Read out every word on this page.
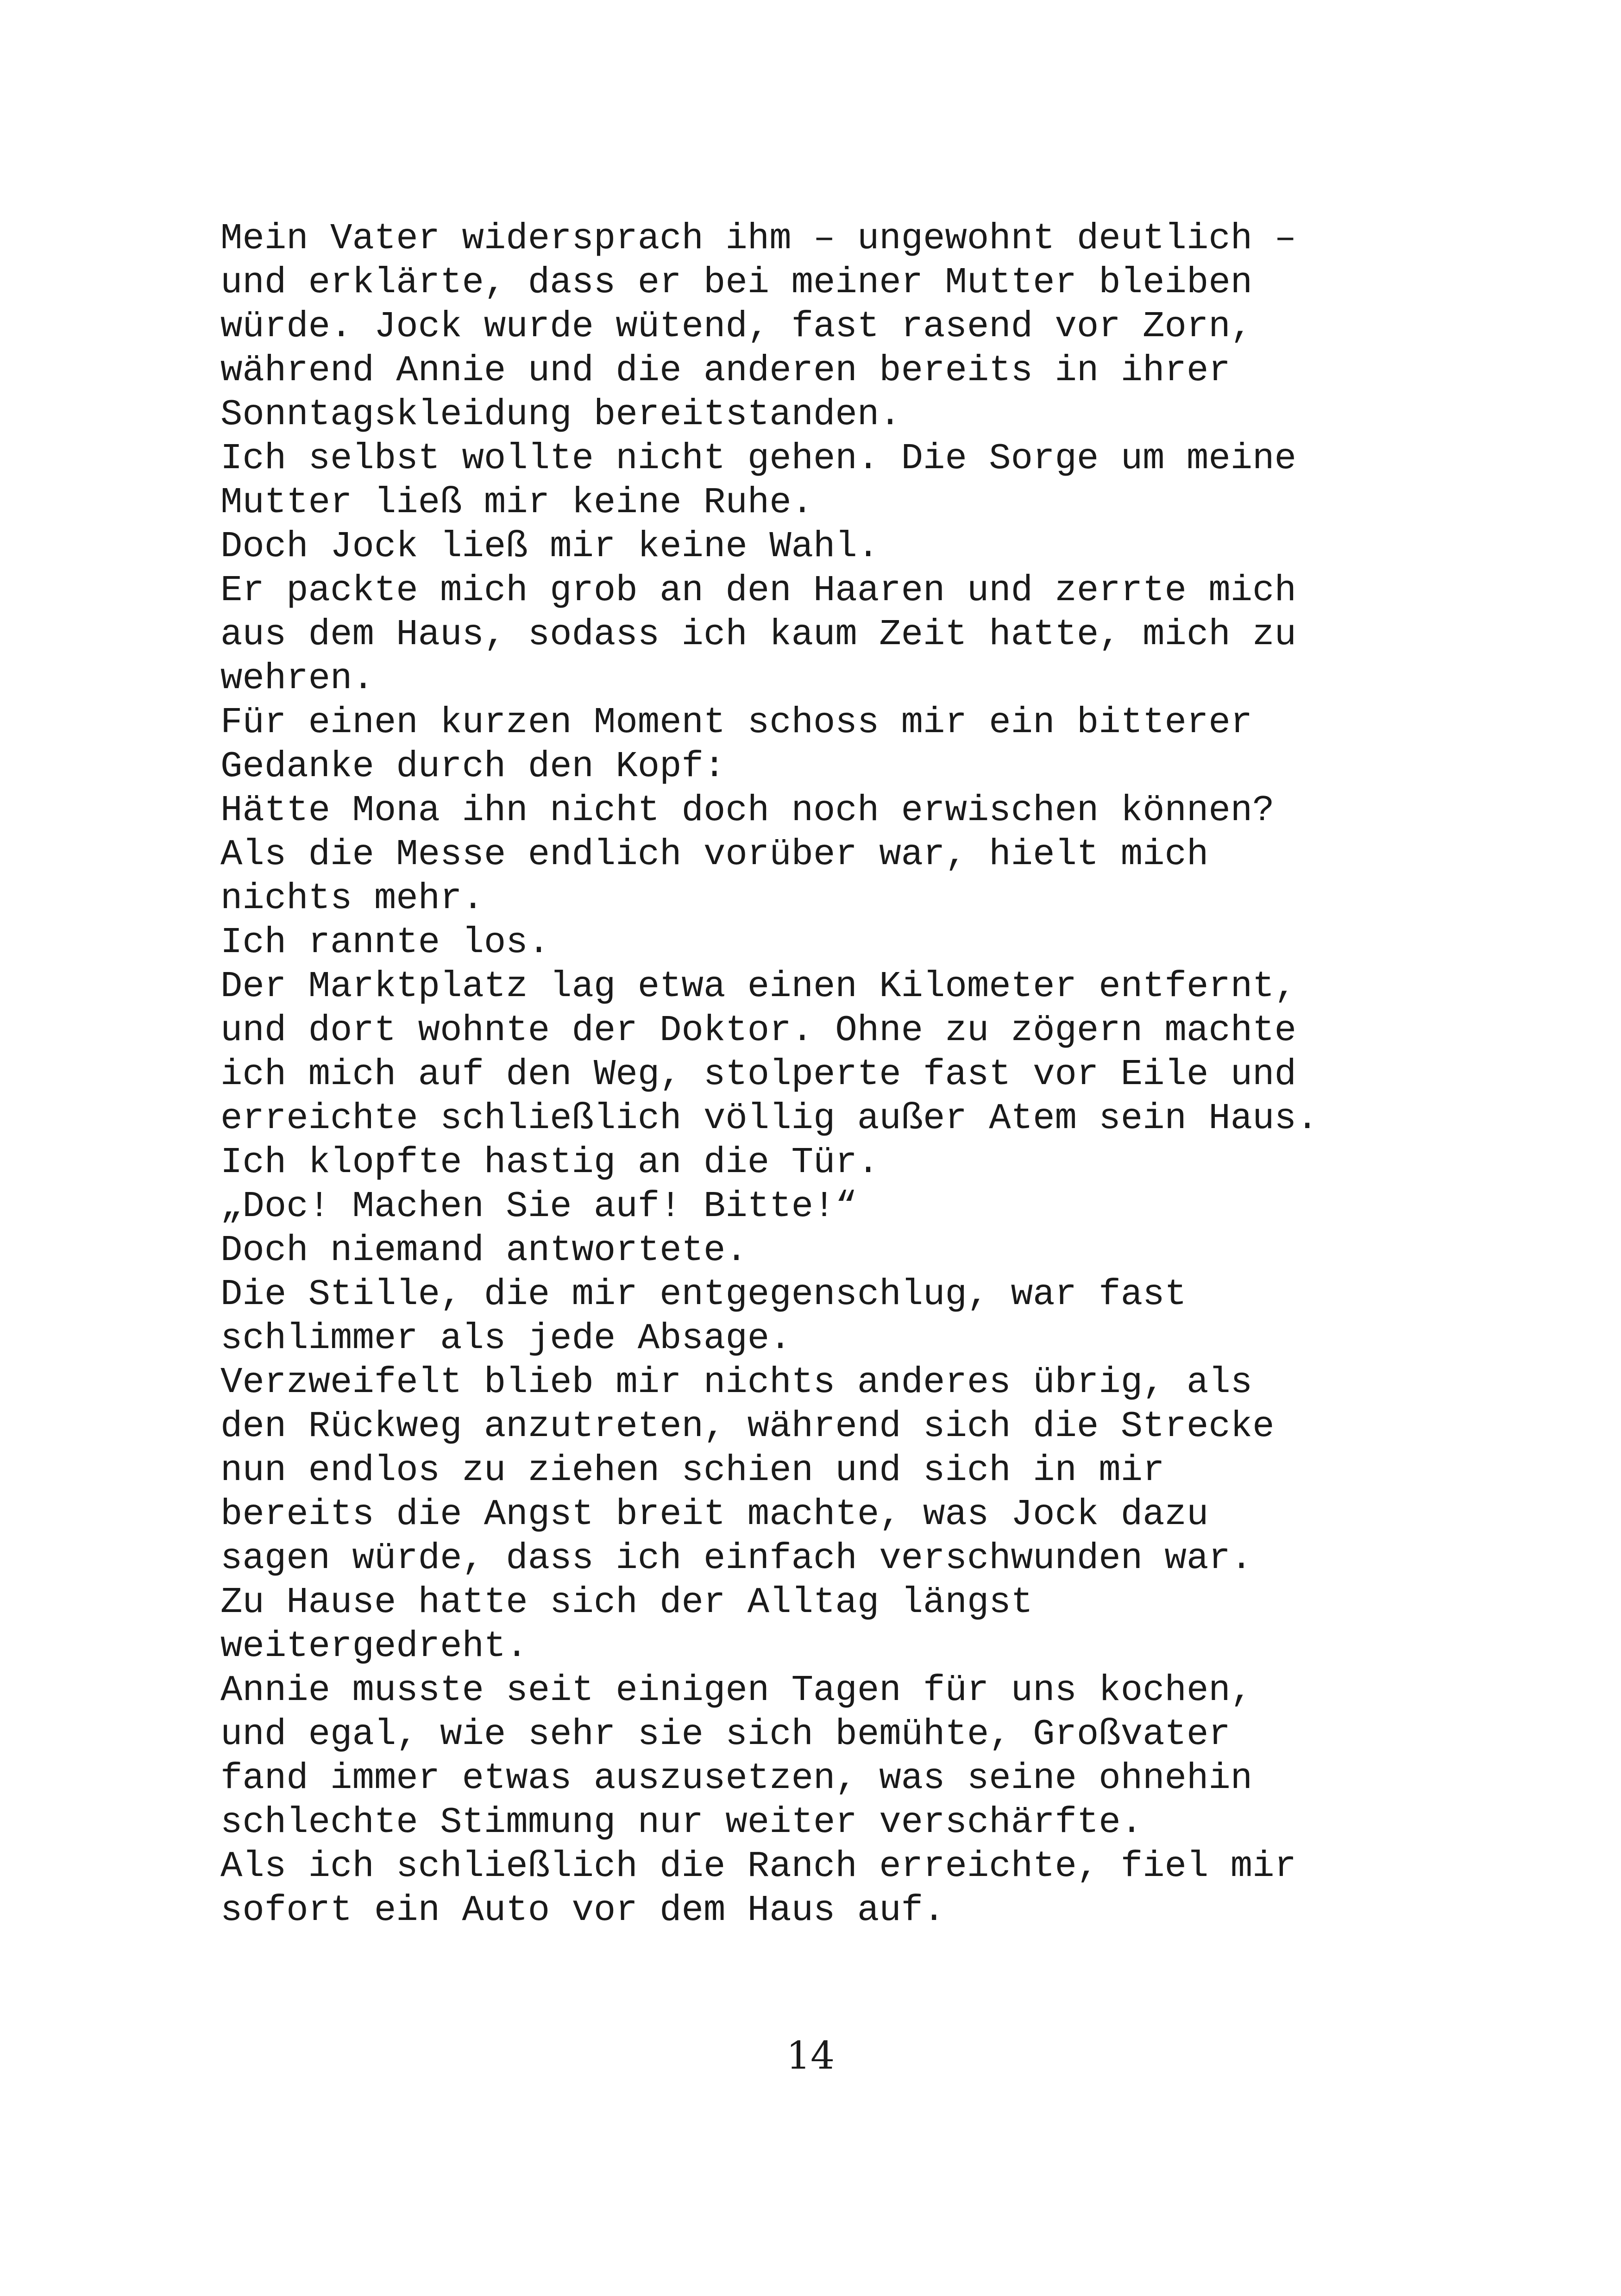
Mein Vater widersprach ihm – ungewohnt deutlich –
und erklärte, dass er bei meiner Mutter bleiben
würde. Jock wurde wütend, fast rasend vor Zorn,
während Annie und die anderen bereits in ihrer
Sonntagskleidung bereitstanden.
Ich selbst wollte nicht gehen. Die Sorge um meine
Mutter ließ mir keine Ruhe.
Doch Jock ließ mir keine Wahl.
Er packte mich grob an den Haaren und zerrte mich
aus dem Haus, sodass ich kaum Zeit hatte, mich zu
wehren.
Für einen kurzen Moment schoss mir ein bitterer
Gedanke durch den Kopf:
Hätte Mona ihn nicht doch noch erwischen können?
Als die Messe endlich vorüber war, hielt mich
nichts mehr.
Ich rannte los.
Der Marktplatz lag etwa einen Kilometer entfernt,
und dort wohnte der Doktor. Ohne zu zögern machte
ich mich auf den Weg, stolperte fast vor Eile und
erreichte schließlich völlig außer Atem sein Haus.
Ich klopfte hastig an die Tür.
„Doc! Machen Sie auf! Bitte!“
Doch niemand antwortete.
Die Stille, die mir entgegenschlug, war fast
schlimmer als jede Absage.
Verzweifelt blieb mir nichts anderes übrig, als
den Rückweg anzutreten, während sich die Strecke
nun endlos zu ziehen schien und sich in mir
bereits die Angst breit machte, was Jock dazu
sagen würde, dass ich einfach verschwunden war.
Zu Hause hatte sich der Alltag längst
weitergedreht.
Annie musste seit einigen Tagen für uns kochen,
und egal, wie sehr sie sich bemühte, Großvater
fand immer etwas auszusetzen, was seine ohnehin
schlechte Stimmung nur weiter verschärfte.
Als ich schließlich die Ranch erreichte, fiel mir
sofort ein Auto vor dem Haus auf.
14
